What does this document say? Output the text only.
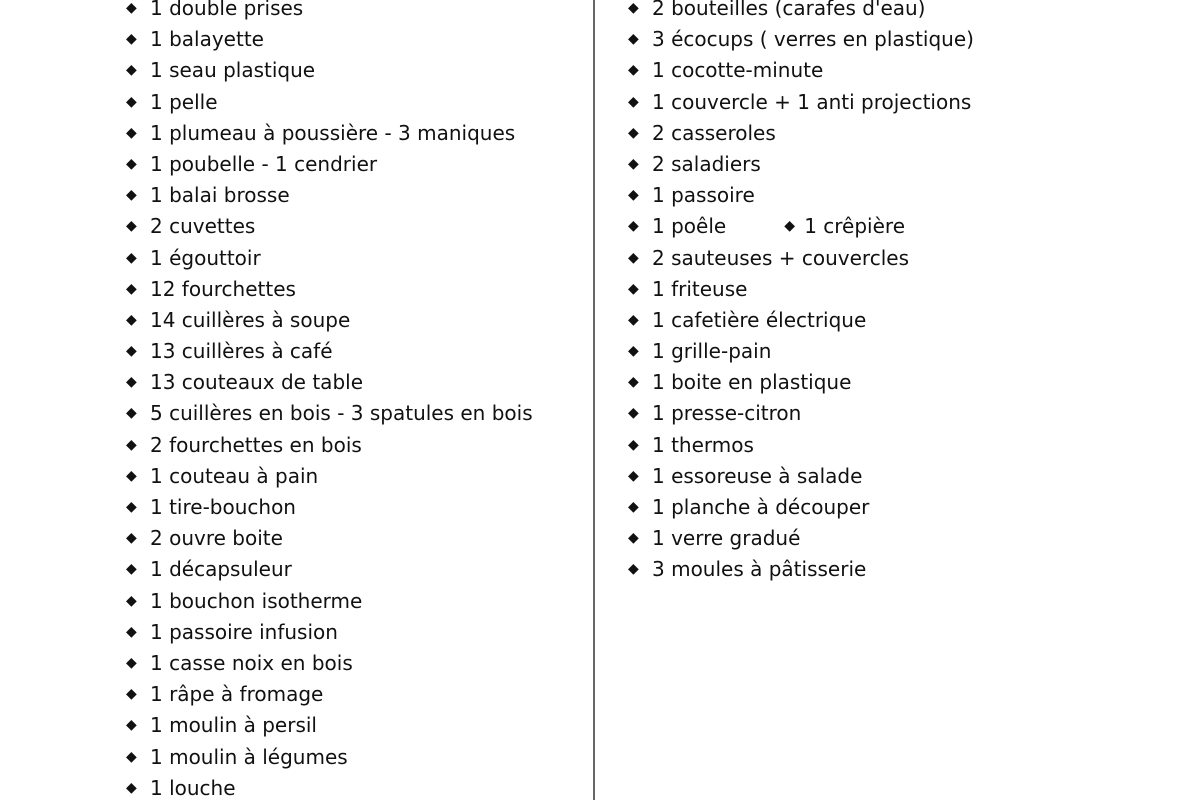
◆ 1 double prises
◆ 1 balayette
◆ 1 seau plastique
◆ 1 pelle
◆ 1 plumeau à poussière - 3 maniques
◆ 1 poubelle - 1 cendrier
◆ 1 balai brosse
◆ 2 cuvettes
◆ 1 égouttoir
◆ 12 fourchettes
◆ 14 cuillères à soupe
◆ 13 cuillères à café
◆ 13 couteaux de table
◆ 5 cuillères en bois - 3 spatules en bois
◆ 2 fourchettes en bois
◆ 1 couteau à pain
◆ 1 tire-bouchon
◆ 2 ouvre boite
◆ 1 décapsuleur
◆ 1 bouchon isotherme
◆ 1 passoire infusion
◆ 1 casse noix en bois
◆ 1 râpe à fromage
◆ 1 moulin à persil
◆ 1 moulin à légumes
◆ 1 louche
◆ 2 bouteilles (carafes d'eau)
◆ 3 écocups ( verres en plastique)
◆ 1 cocotte-minute
◆ 1 couvercle + 1 anti projections
◆ 2 casseroles
◆ 2 saladiers
◆ 1 passoire
◆ 1 poêle	◆ 1 crêpière
◆ 2 sauteuses + couvercles
◆ 1 friteuse
◆ 1 cafetière électrique
◆ 1 grille-pain
◆ 1 boite en plastique
◆ 1 presse-citron
◆ 1 thermos
◆ 1 essoreuse à salade
◆ 1 planche à découper
◆ 1 verre gradué
◆ 3 moules à pâtisserie
